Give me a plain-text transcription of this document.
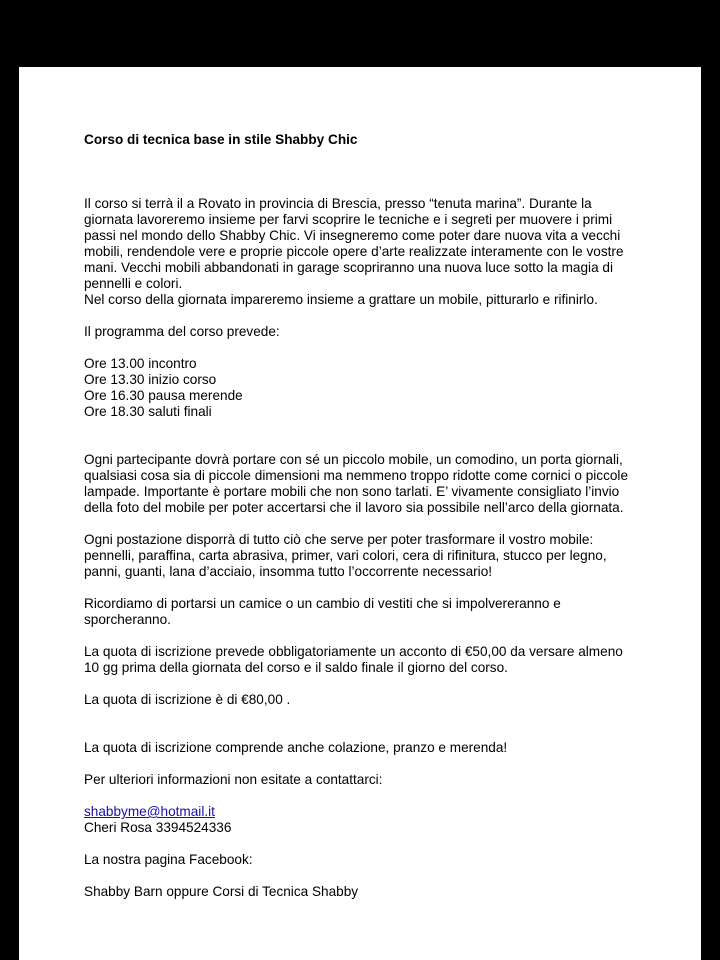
Corso di tecnica base in stile Shabby Chic
Il corso si terrà il a Rovato in provincia di Brescia, presso “tenuta marina”. Durante la
giornata lavoreremo insieme per farvi scoprire le tecniche e i segreti per muovere i primi
passi nel mondo dello Shabby Chic. Vi insegneremo come poter dare nuova vita a vecchi
mobili, rendendole vere e proprie piccole opere d’arte realizzate interamente con le vostre
mani. Vecchi mobili abbandonati in garage scopriranno una nuova luce sotto la magia di
pennelli e colori.
Nel corso della giornata impareremo insieme a grattare un mobile, pitturarlo e rifinirlo.
Il programma del corso prevede:
Ore 13.00 incontro
Ore 13.30 inizio corso
Ore 16.30 pausa merende
Ore 18.30 saluti finali
Ogni partecipante dovrà portare con sé un piccolo mobile, un comodino, un porta giornali,
qualsiasi cosa sia di piccole dimensioni ma nemmeno troppo ridotte come cornici o piccole
lampade. Importante è portare mobili che non sono tarlati. E’ vivamente consigliato l’invio
della foto del mobile per poter accertarsi che il lavoro sia possibile nell’arco della giornata.
Ogni postazione disporrà di tutto ciò che serve per poter trasformare il vostro mobile:
pennelli, paraffina, carta abrasiva, primer, vari colori, cera di rifinitura, stucco per legno,
panni, guanti, lana d’acciaio, insomma tutto l’occorrente necessario!
Ricordiamo di portarsi un camice o un cambio di vestiti che si impolvereranno e
sporcheranno.
La quota di iscrizione prevede obbligatoriamente un acconto di €50,00 da versare almeno
10 gg prima della giornata del corso e il saldo finale il giorno del corso.
La quota di iscrizione è di €80,00 .
La quota di iscrizione comprende anche colazione, pranzo e merenda!
Per ulteriori informazioni non esitate a contattarci:
shabbyme@hotmail.it
Cheri Rosa 3394524336
La nostra pagina Facebook:
Shabby Barn oppure Corsi di Tecnica Shabby
